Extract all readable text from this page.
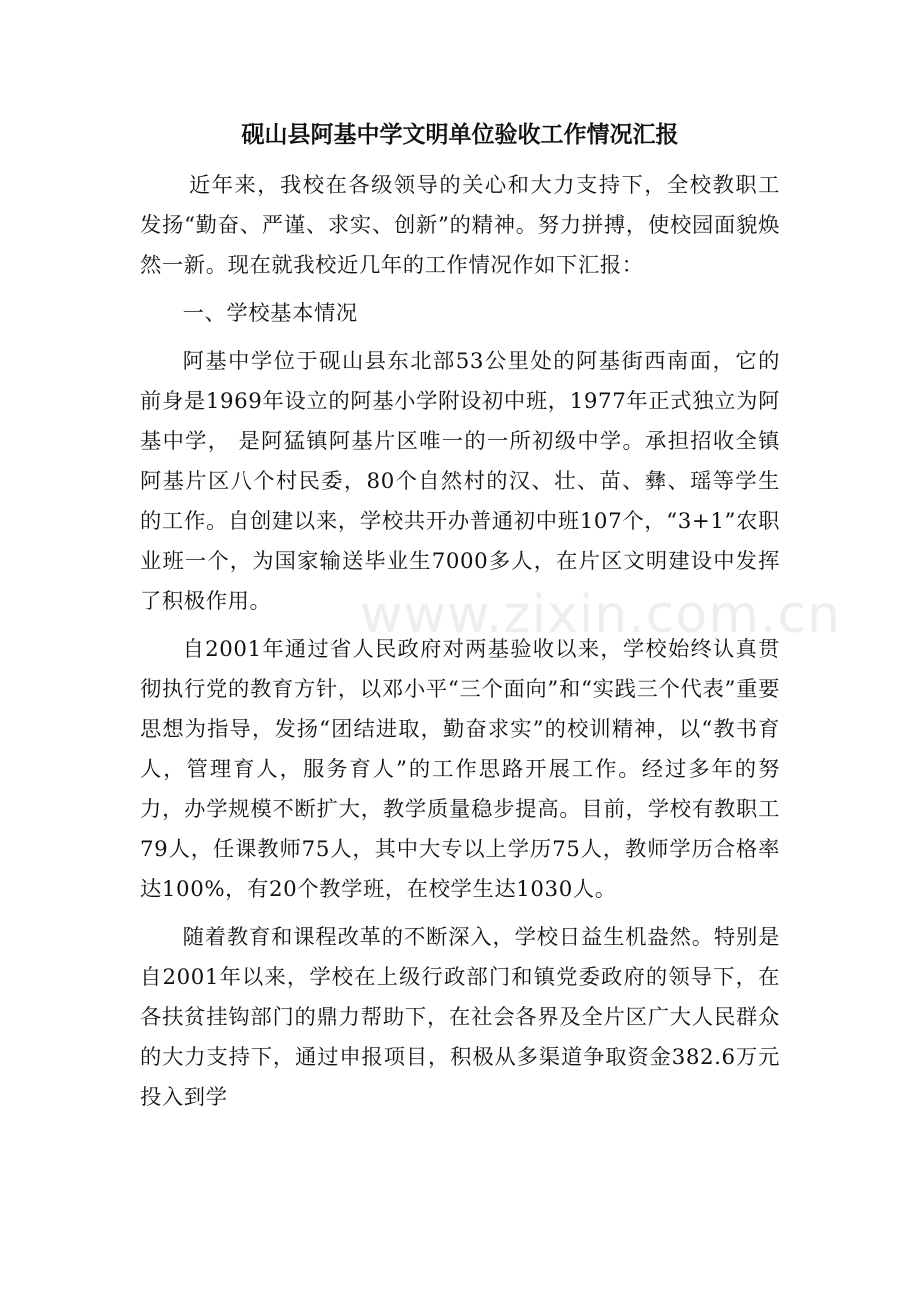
砚山县阿基中学文明单位验收工作情况汇报

近年来，我校在各级领导的关心和大力支持下，全校教职工发扬“勤奋、严谨、求实、创新”的精神。努力拼搏，使校园面貌焕然一新。现在就我校近几年的工作情况作如下汇报：

一、学校基本情况

阿基中学位于砚山县东北部53公里处的阿基街西南面，它的前身是1969年设立的阿基小学附设初中班，1977年正式独立为阿基中学， 是阿猛镇阿基片区唯一的一所初级中学。承担招收全镇阿基片区八个村民委，80个自然村的汉、壮、苗、彝、瑶等学生的工作。自创建以来，学校共开办普通初中班107个，“3+1”农职业班一个，为国家输送毕业生7000多人，在片区文明建设中发挥了积极作用。

自2001年通过省人民政府对两基验收以来，学校始终认真贯彻执行党的教育方针，以邓小平“三个面向”和“实践三个代表”重要思想为指导，发扬“团结进取，勤奋求实”的校训精神，以“教书育人，管理育人，服务育人”的工作思路开展工作。经过多年的努力，办学规模不断扩大，教学质量稳步提高。目前，学校有教职工79人，任课教师75人，其中大专以上学历75人，教师学历合格率达100%，有20个教学班，在校学生达1030人。

随着教育和课程改革的不断深入，学校日益生机盎然。特别是自2001年以来，学校在上级行政部门和镇党委政府的领导下，在各扶贫挂钩部门的鼎力帮助下，在社会各界及全片区广大人民群众的大力支持下，通过申报项目，积极从多渠道争取资金382.6万元投入到学

www.zixin.com.cn
